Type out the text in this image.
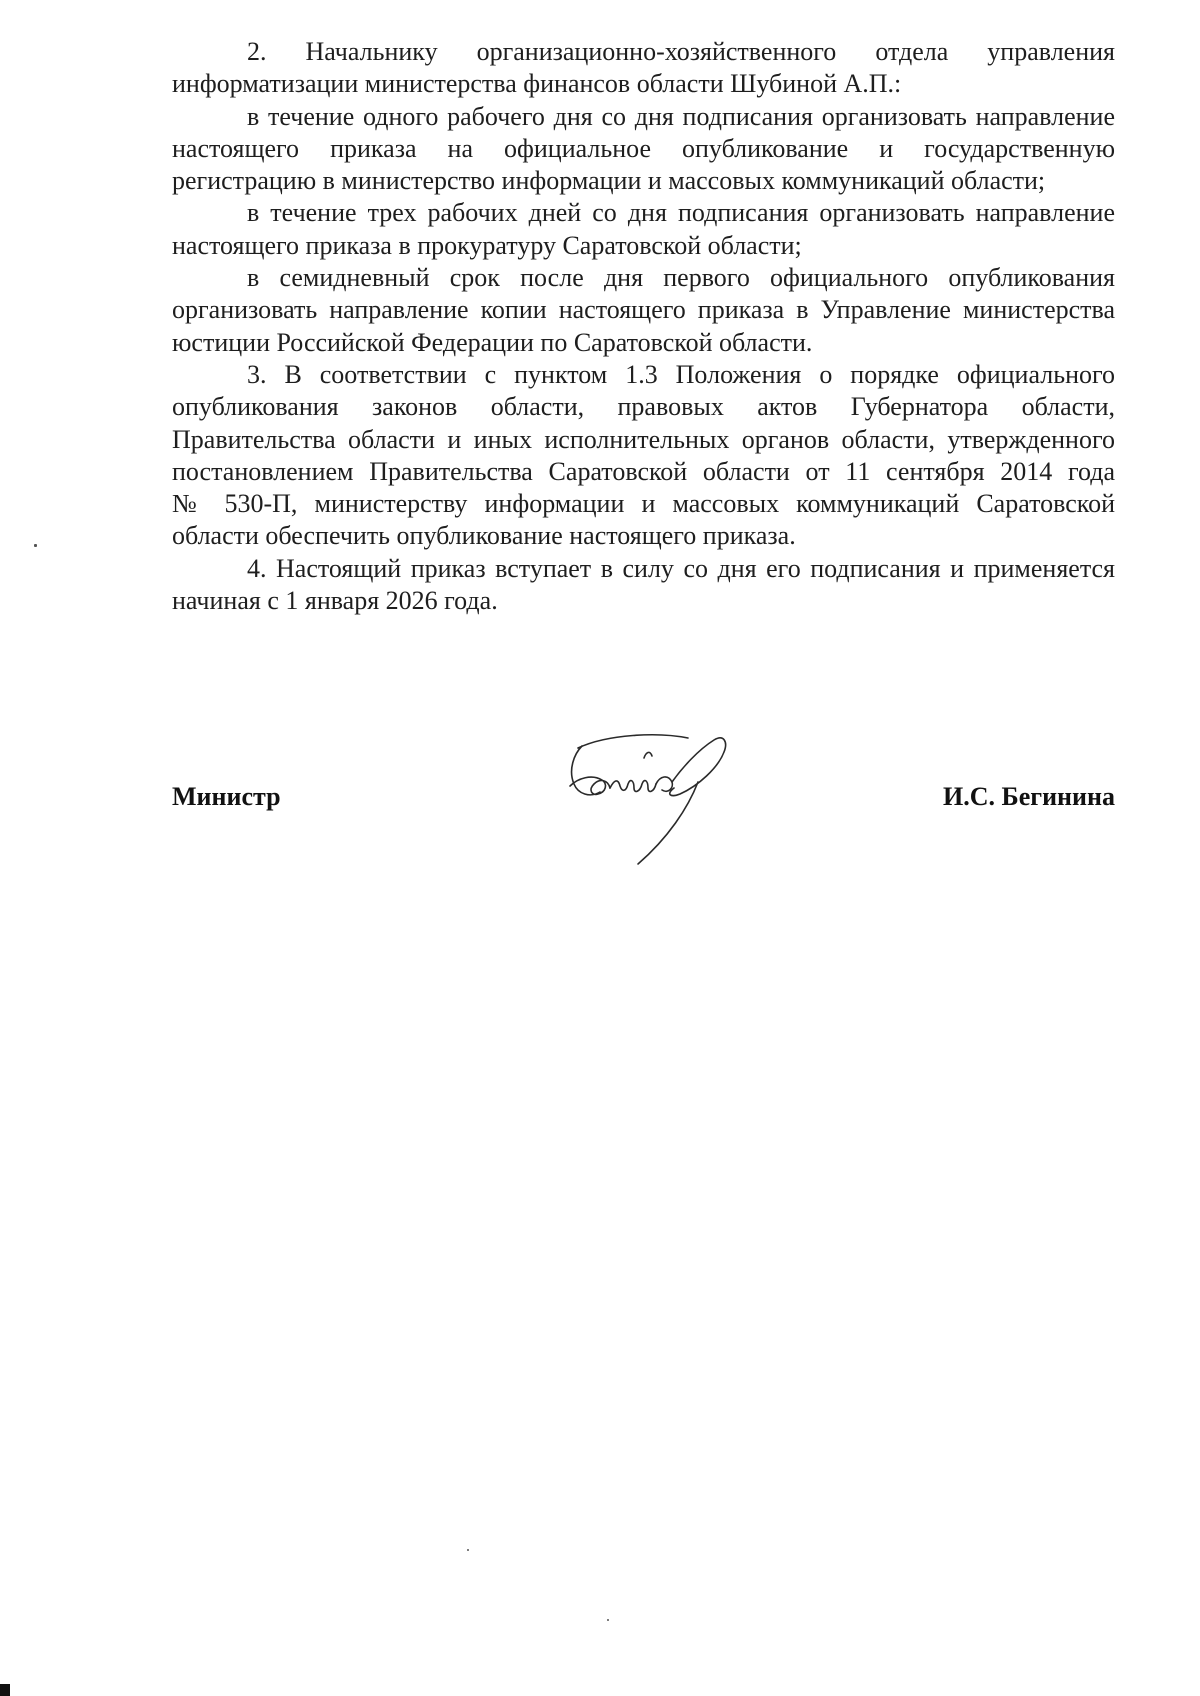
2. Начальнику организационно-хозяйственного отдела управления информатизации министерства финансов области Шубиной А.П.:

в течение одного рабочего дня со дня подписания организовать направление настоящего приказа на официальное опубликование и государственную регистрацию в министерство информации и массовых коммуникаций области;

в течение трех рабочих дней со дня подписания организовать направление настоящего приказа в прокуратуру Саратовской области;

в семидневный срок после дня первого официального опубликования организовать направление копии настоящего приказа в Управление министерства юстиции Российской Федерации по Саратовской области.

3. В соответствии с пунктом 1.3 Положения о порядке официального опубликования законов области, правовых актов Губернатора области, Правительства области и иных исполнительных органов области, утвержденного постановлением Правительства Саратовской области от 11 сентября 2014 года № 530-П, министерству информации и массовых коммуникаций Саратовской области обеспечить опубликование настоящего приказа.

4. Настоящий приказ вступает в силу со дня его подписания и применяется начиная с 1 января 2026 года.

Министр	И.С. Бегинина
